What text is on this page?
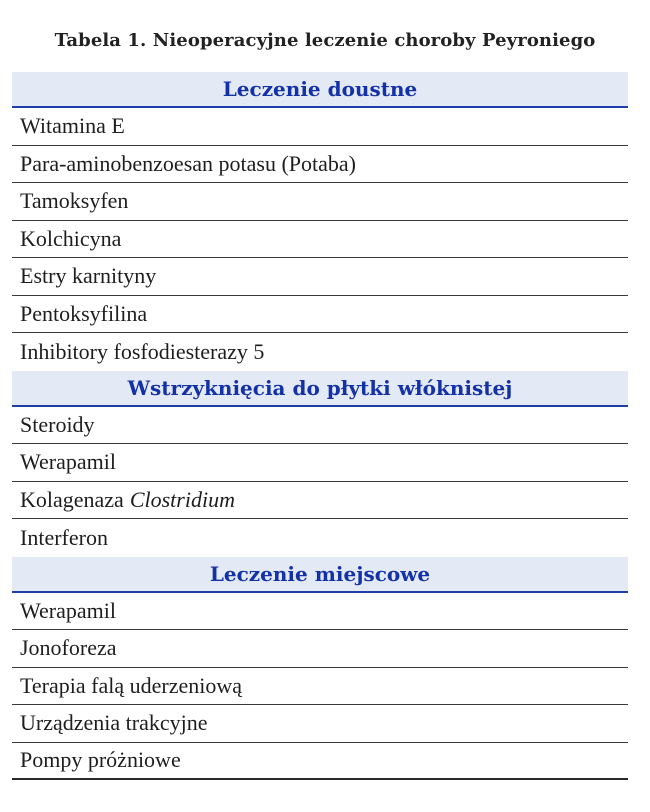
Tabela 1. Nieoperacyjne leczenie choroby Peyroniego
Leczenie doustne
Witamina E
Para-aminobenzoesan potasu (Potaba)
Tamoksyfen
Kolchicyna
Estry karnityny
Pentoksyfilina
Inhibitory fosfodiesterazy 5
Wstrzyknięcia do płytki włóknistej
Steroidy
Werapamil
Kolagenaza Clostridium
Interferon
Leczenie miejscowe
Werapamil
Jonoforeza
Terapia falą uderzeniową
Urządzenia trakcyjne
Pompy próżniowe
